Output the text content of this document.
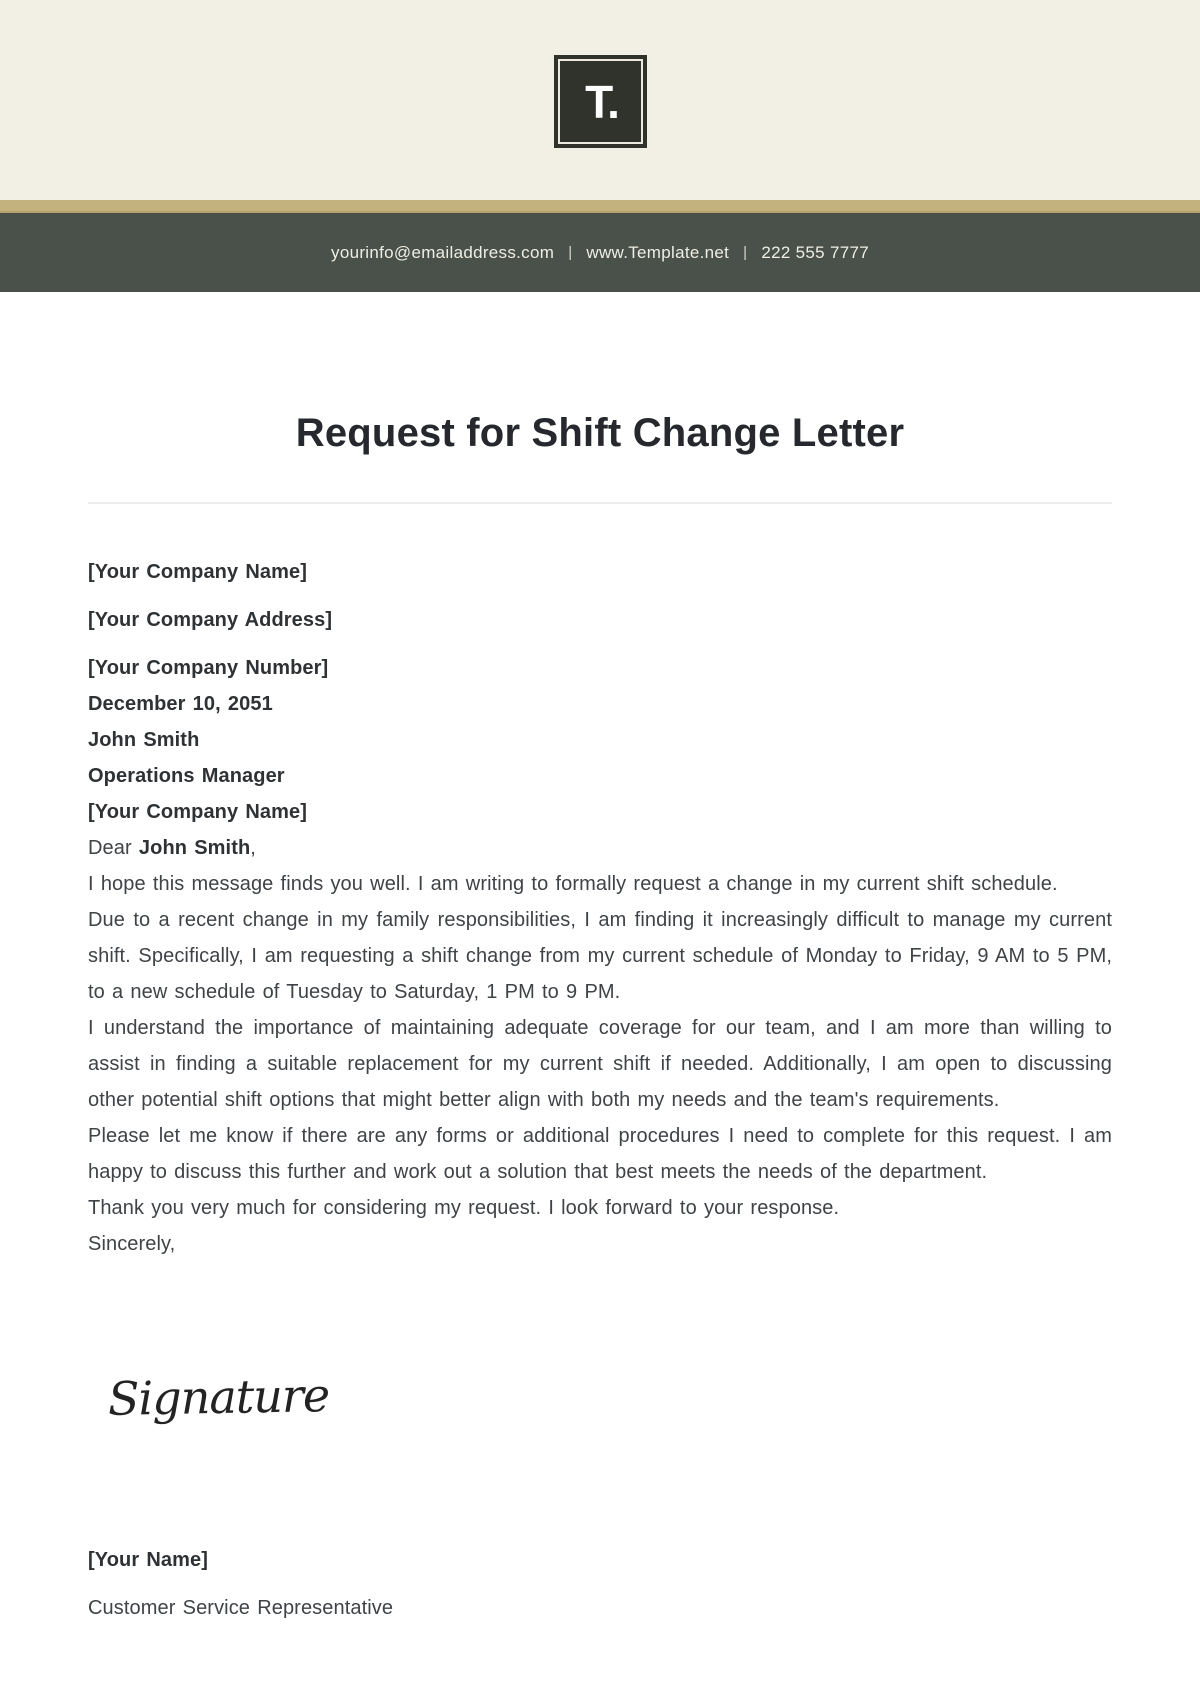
T.
yourinfo@emailaddress.com | www.Template.net | 222 555 7777
Request for Shift Change Letter

[Your Company Name]

[Your Company Address]

[Your Company Number]

December 10, 2051

John Smith

Operations Manager

[Your Company Name]

Dear John Smith,

I hope this message finds you well. I am writing to formally request a change in my current shift schedule.

Due to a recent change in my family responsibilities, I am finding it increasingly difficult to manage my current shift. Specifically, I am requesting a shift change from my current schedule of Monday to Friday, 9 AM to 5 PM, to a new schedule of Tuesday to Saturday, 1 PM to 9 PM.

I understand the importance of maintaining adequate coverage for our team, and I am more than willing to assist in finding a suitable replacement for my current shift if needed. Additionally, I am open to discussing other potential shift options that might better align with both my needs and the team's requirements.

Please let me know if there are any forms or additional procedures I need to complete for this request. I am happy to discuss this further and work out a solution that best meets the needs of the department.

Thank you very much for considering my request. I look forward to your response.

Sincerely,

Signature

[Your Name]

Customer Service Representative
